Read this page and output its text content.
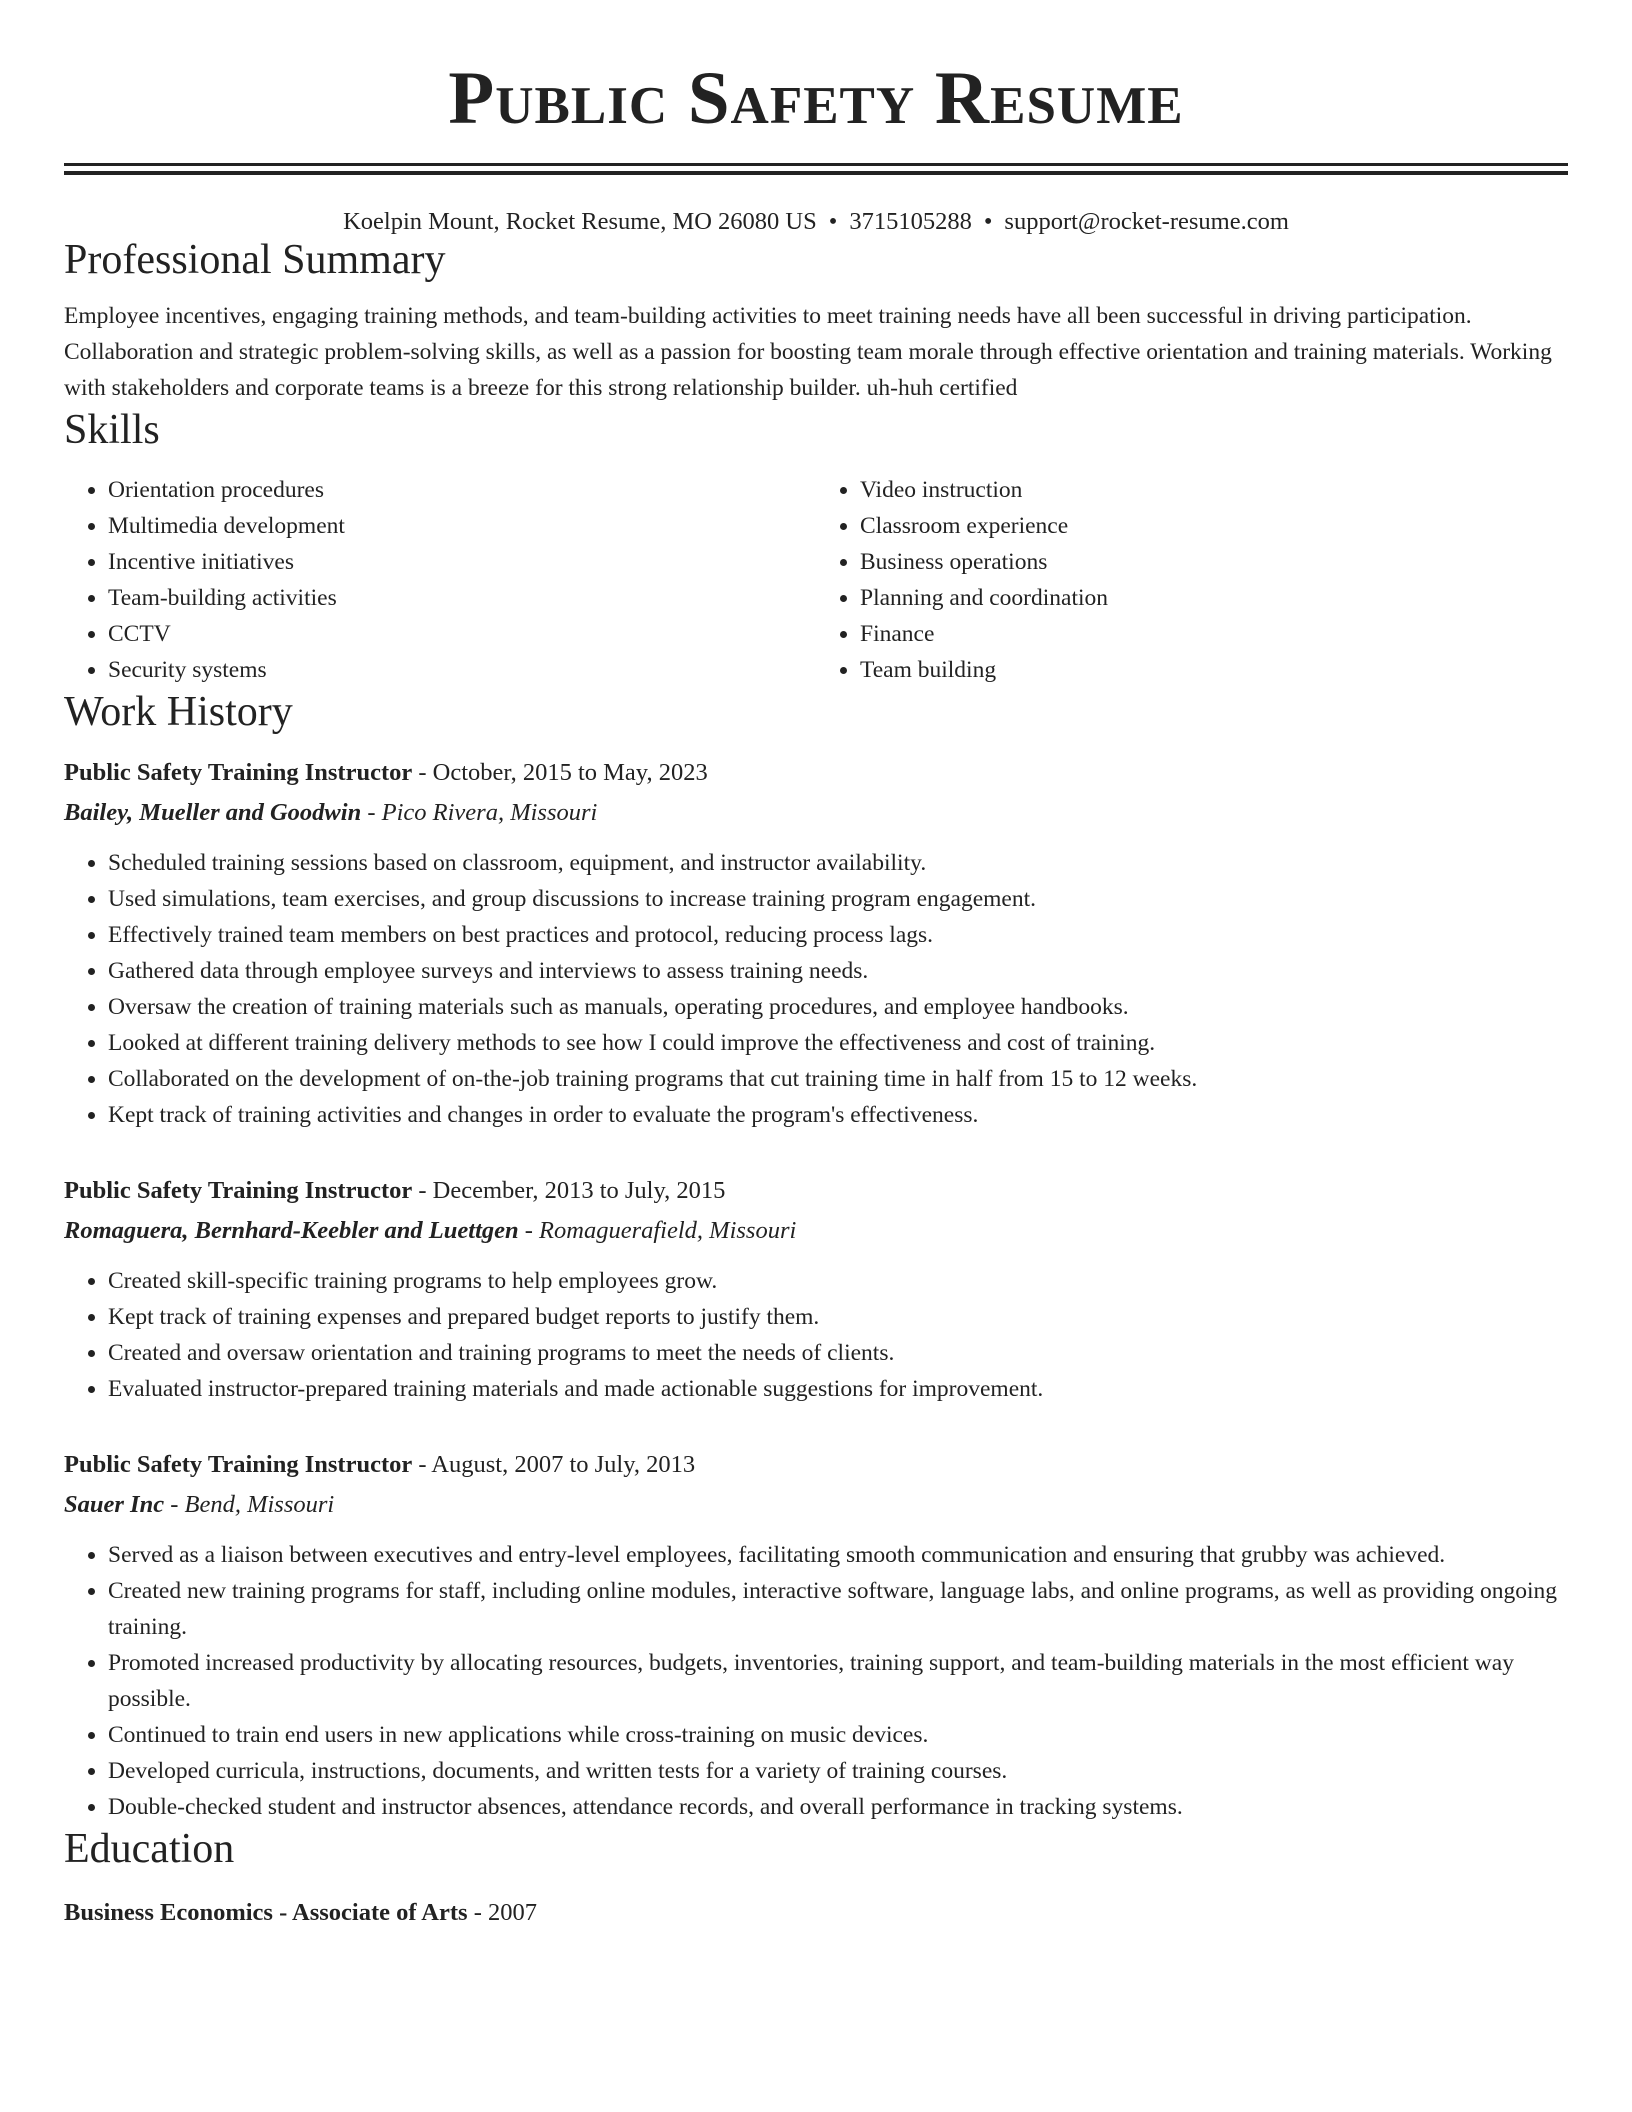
Public Safety Resume
Koelpin Mount, Rocket Resume, MO 26080 US • 3715105288 • support@rocket-resume.com
Professional Summary
Employee incentives, engaging training methods, and team-building activities to meet training needs have all been successful in driving participation. Collaboration and strategic problem-solving skills, as well as a passion for boosting team morale through effective orientation and training materials. Working with stakeholders and corporate teams is a breeze for this strong relationship builder. uh-huh certified
Skills
• Orientation procedures
• Multimedia development
• Incentive initiatives
• Team-building activities
• CCTV
• Security systems
• Video instruction
• Classroom experience
• Business operations
• Planning and coordination
• Finance
• Team building
Work History
Public Safety Training Instructor - October, 2015 to May, 2023
Bailey, Mueller and Goodwin - Pico Rivera, Missouri
• Scheduled training sessions based on classroom, equipment, and instructor availability.
• Used simulations, team exercises, and group discussions to increase training program engagement.
• Effectively trained team members on best practices and protocol, reducing process lags.
• Gathered data through employee surveys and interviews to assess training needs.
• Oversaw the creation of training materials such as manuals, operating procedures, and employee handbooks.
• Looked at different training delivery methods to see how I could improve the effectiveness and cost of training.
• Collaborated on the development of on-the-job training programs that cut training time in half from 15 to 12 weeks.
• Kept track of training activities and changes in order to evaluate the program's effectiveness.
Public Safety Training Instructor - December, 2013 to July, 2015
Romaguera, Bernhard-Keebler and Luettgen - Romaguerafield, Missouri
• Created skill-specific training programs to help employees grow.
• Kept track of training expenses and prepared budget reports to justify them.
• Created and oversaw orientation and training programs to meet the needs of clients.
• Evaluated instructor-prepared training materials and made actionable suggestions for improvement.
Public Safety Training Instructor - August, 2007 to July, 2013
Sauer Inc - Bend, Missouri
• Served as a liaison between executives and entry-level employees, facilitating smooth communication and ensuring that grubby was achieved.
• Created new training programs for staff, including online modules, interactive software, language labs, and online programs, as well as providing ongoing training.
• Promoted increased productivity by allocating resources, budgets, inventories, training support, and team-building materials in the most efficient way possible.
• Continued to train end users in new applications while cross-training on music devices.
• Developed curricula, instructions, documents, and written tests for a variety of training courses.
• Double-checked student and instructor absences, attendance records, and overall performance in tracking systems.
Education
Business Economics - Associate of Arts - 2007
